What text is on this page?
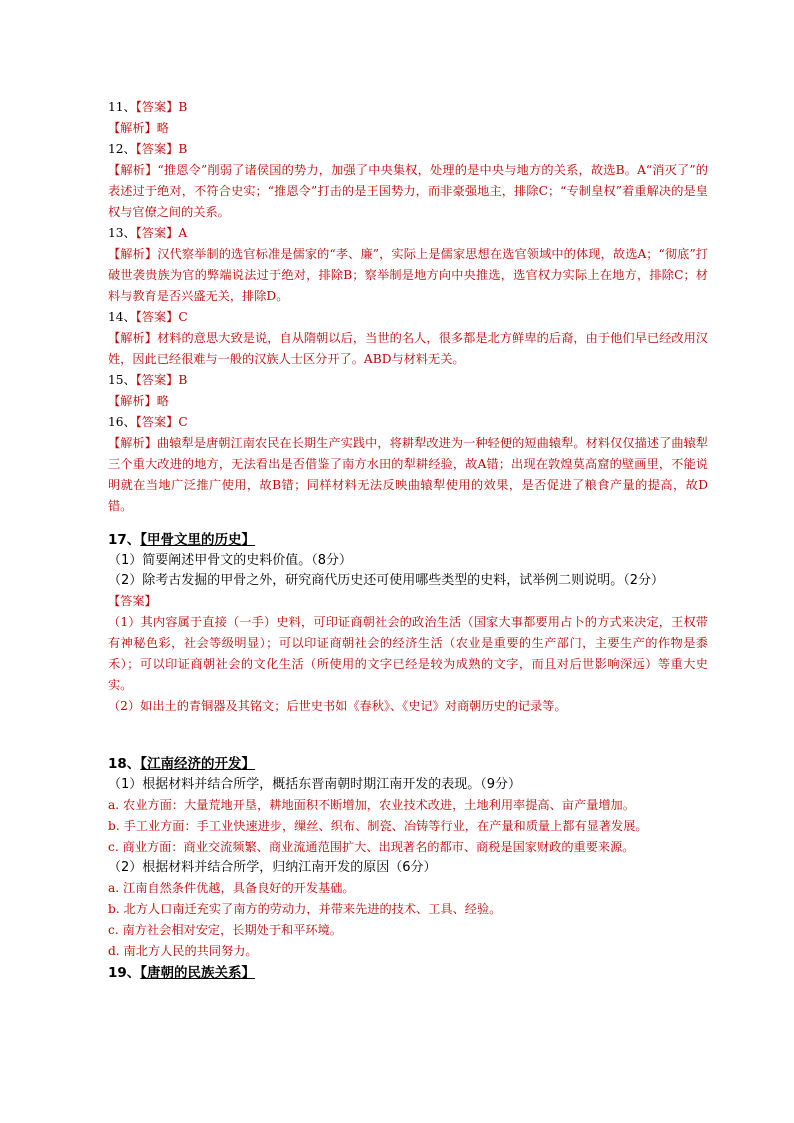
11、【答案】B
【解析】略
12、【答案】B
【解析】“推恩令”削弱了诸侯国的势力，加强了中央集权，处理的是中央与地方的关系，故选B。A“消灭了”的表述过于绝对，不符合史实；“推恩令”打击的是王国势力，而非豪强地主，排除C；“专制皇权”着重解决的是皇权与官僚之间的关系。
13、【答案】A
【解析】汉代察举制的选官标准是儒家的“孝、廉”，实际上是儒家思想在选官领域中的体现，故选A；“彻底”打破世袭贵族为官的弊端说法过于绝对，排除B；察举制是地方向中央推选，选官权力实际上在地方，排除C；材料与教育是否兴盛无关，排除D。
14、【答案】C
【解析】材料的意思大致是说，自从隋朝以后，当世的名人，很多都是北方鲜卑的后裔，由于他们早已经改用汉姓，因此已经很难与一般的汉族人士区分开了。ABD与材料无关。
15、【答案】B
【解析】略
16、【答案】C
【解析】曲辕犁是唐朝江南农民在长期生产实践中，将耕犁改进为一种轻便的短曲辕犁。材料仅仅描述了曲辕犁三个重大改进的地方，无法看出是否借鉴了南方水田的犁耕经验，故A错；出现在敦煌莫高窟的壁画里，不能说明就在当地广泛推广使用，故B错；同样材料无法反映曲辕犁使用的效果，是否促进了粮食产量的提高，故D错。
17、【甲骨文里的历史】
（1）简要阐述甲骨文的史料价值。（8分）
（2）除考古发掘的甲骨之外，研究商代历史还可使用哪些类型的史料，试举例二则说明。（2分）
【答案】
（1）其内容属于直接（一手）史料，可印证商朝社会的政治生活（国家大事都要用占卜的方式来决定，王权带有神秘色彩，社会等级明显）；可以印证商朝社会的经济生活（农业是重要的生产部门，主要生产的作物是黍禾）；可以印证商朝社会的文化生活（所使用的文字已经是较为成熟的文字，而且对后世影响深远）等重大史实。
（2）如出土的青铜器及其铭文；后世史书如《春秋》、《史记》对商朝历史的记录等。
18、【江南经济的开发】
（1）根据材料并结合所学，概括东晋南朝时期江南开发的表现。（9分）
a. 农业方面：大量荒地开垦，耕地面积不断增加，农业技术改进，土地利用率提高、亩产量增加。
b. 手工业方面：手工业快速进步，缫丝、织布、制瓷、冶铸等行业，在产量和质量上都有显著发展。
c. 商业方面：商业交流频繁、商业流通范围扩大、出现著名的都市、商税是国家财政的重要来源。
（2）根据材料并结合所学，归纳江南开发的原因（6分）
a. 江南自然条件优越，具备良好的开发基础。
b. 北方人口南迁充实了南方的劳动力，并带来先进的技术、工具、经验。
c. 南方社会相对安定，长期处于和平环境。
d. 南北方人民的共同努力。
19、【唐朝的民族关系】
